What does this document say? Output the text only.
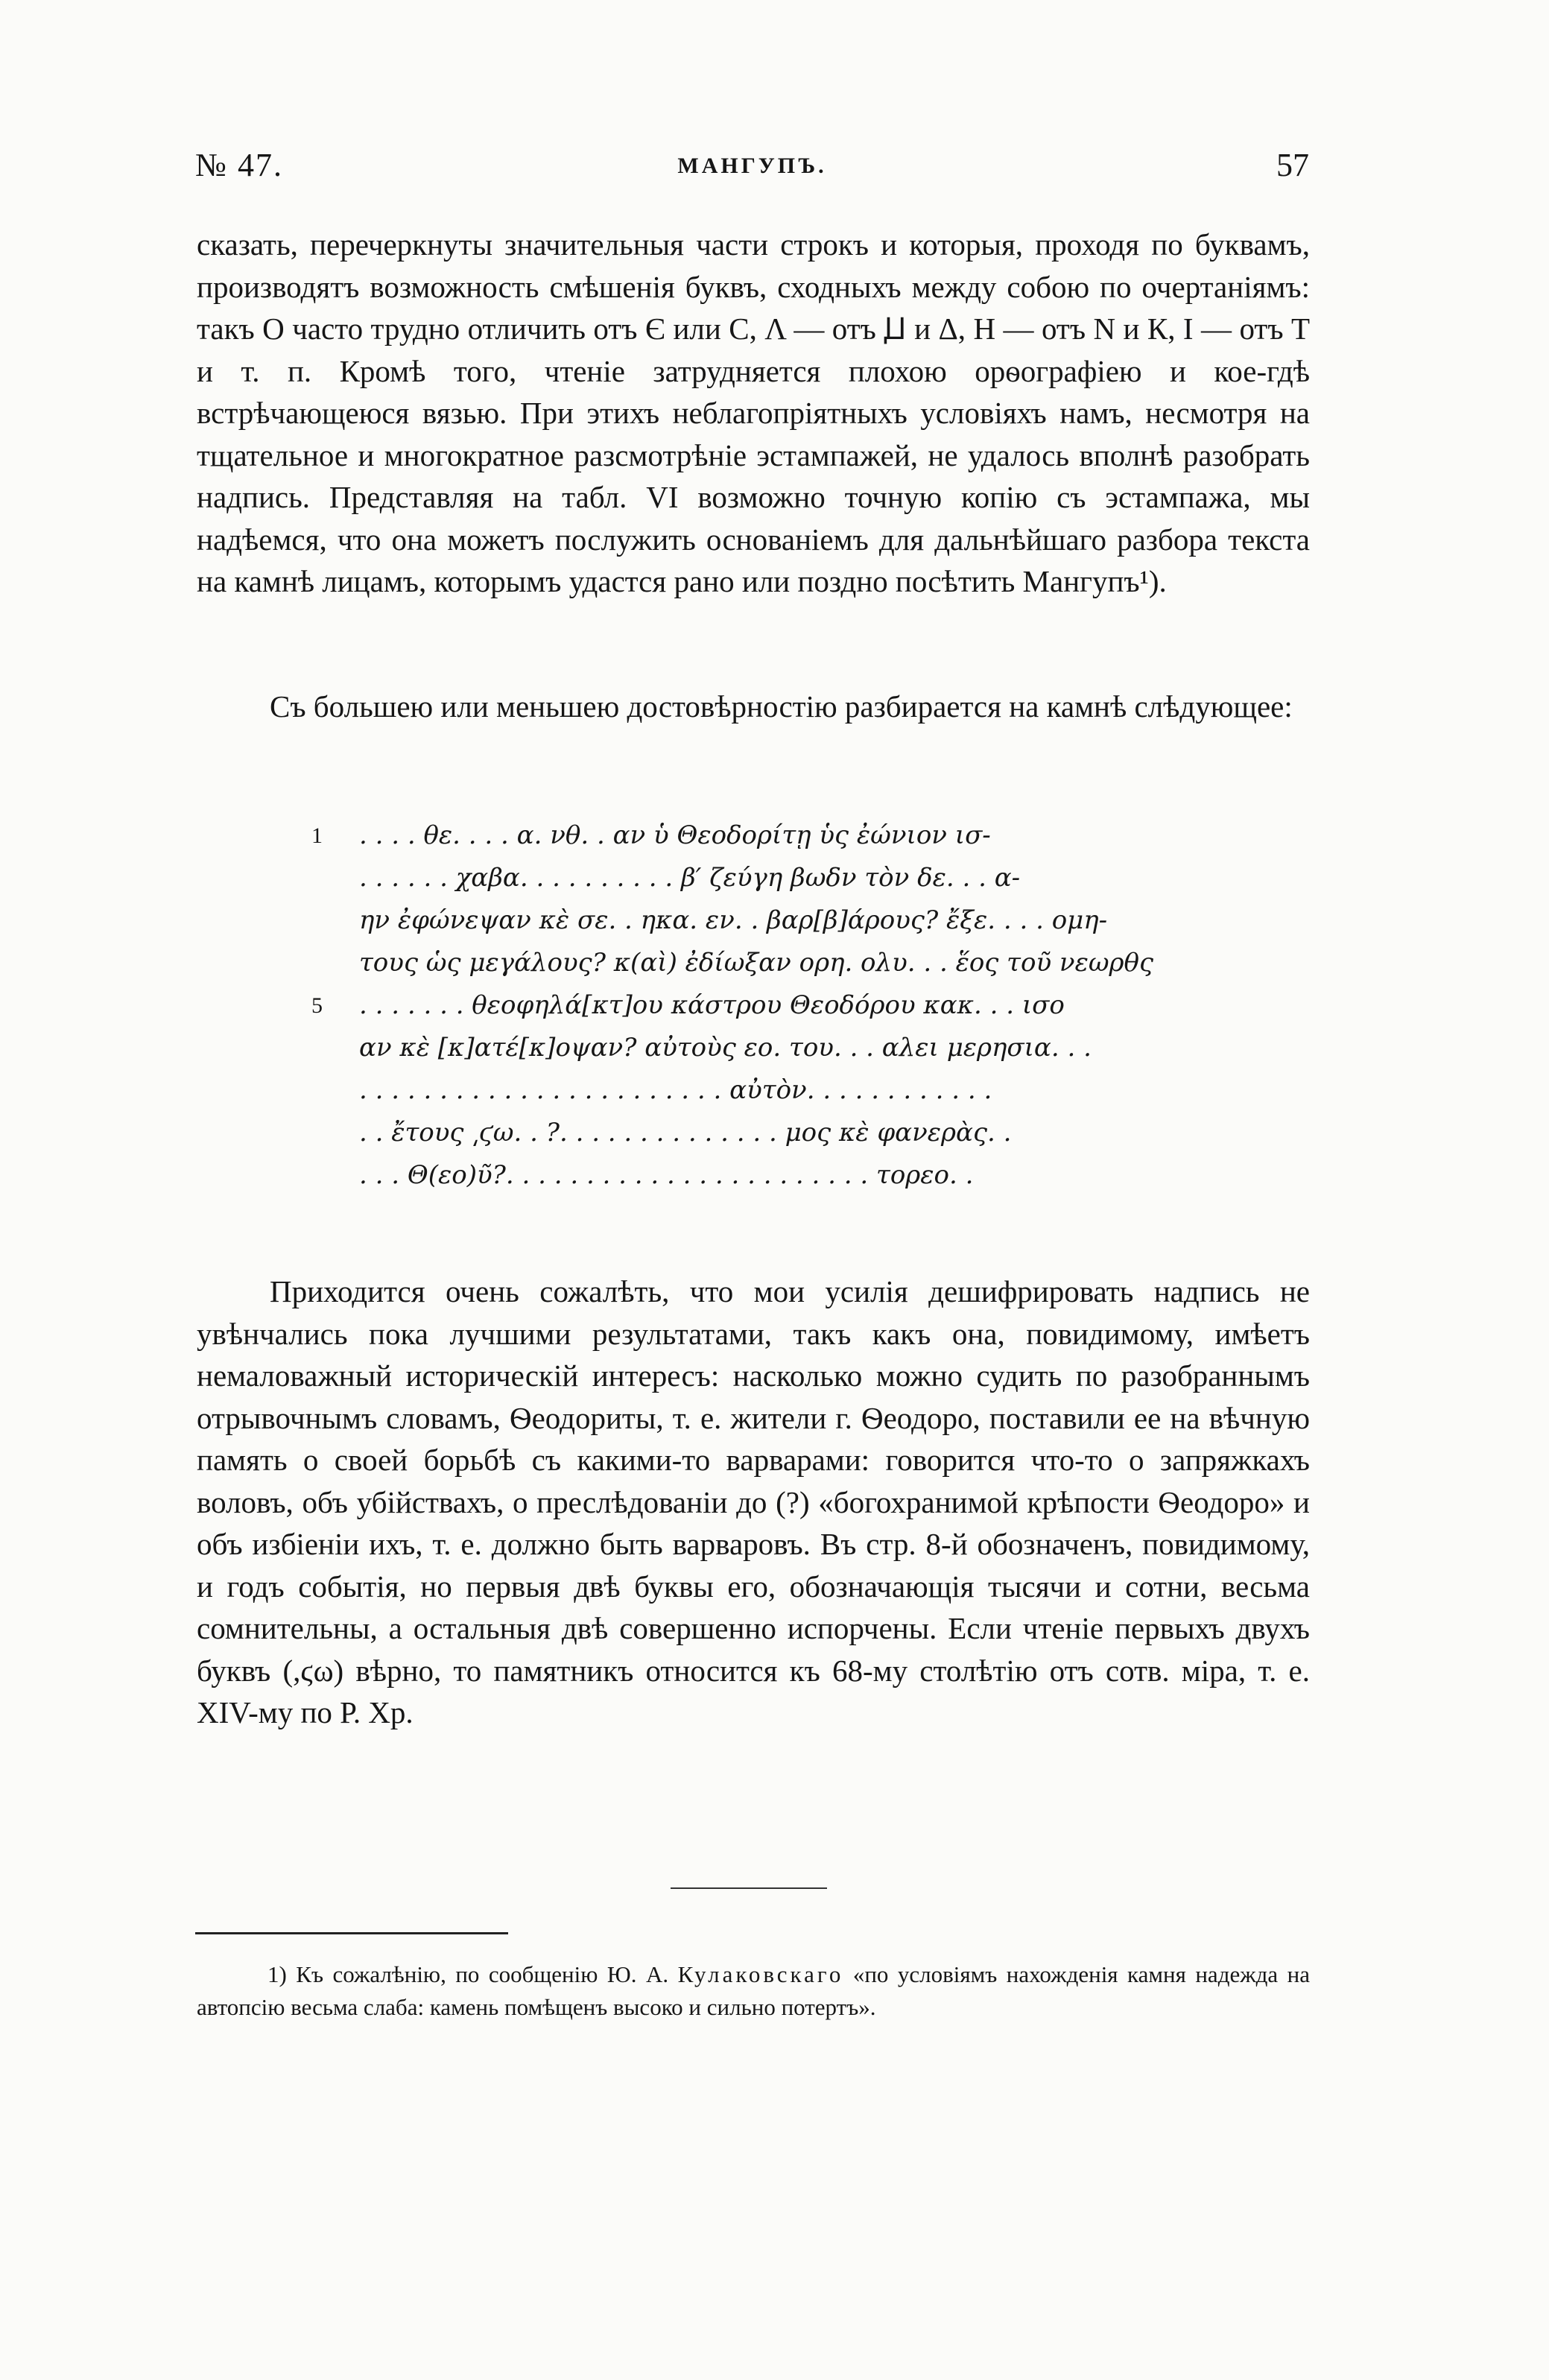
№ 47.	МАНГУПЪ.	57

сказать, перечеркнуты значительныя части строкъ и которыя, проходя по буквамъ, производятъ возможность смѣшенія буквъ, сходныхъ между собою по очертаніямъ: такъ О часто трудно отличить отъ Є или С, Λ — отъ Ꙡ и Δ, Н — отъ N и К, І — отъ Т и т. п. Кромѣ того, чтеніе затрудняется плохою орѳографіею и кое-гдѣ встрѣчающеюся вязью. При этихъ неблагопріятныхъ условіяхъ намъ, несмотря на тщательное и многократное разсмотрѣніе эстампажей, не удалось вполнѣ разобрать надпись. Представляя на табл. VI возможно точную копію съ эстампажа, мы надѣемся, что она можетъ послужить основаніемъ для дальнѣйшаго разбора текста на камнѣ лицамъ, которымъ удастся рано или поздно посѣтить Мангупъ¹).

Съ большею или меньшею достовѣрностію разбирается на камнѣ слѣдующее:

1 . . . . θε. . . . α. νθ. . αν ὑ Θεοδορίτῃ ὑς ἐώνιον ισ-
. . . . . . χαβα. . . . . . . . . . β′ ζεύγη βωδν τὸν δε. . . α-
ην ἐφώνεψαν κὲ σε. . ηκα. εν. . βαρ[β]άρους? ἔξε. . . . ομη-
τους ὡς μεγάλους? κ(αὶ) ἐδίωξαν ορη. ολυ. . . ἕος τοῦ νεωρθς
5 . . . . . . . θεοφηλά[κτ]ου κάστρου Θεοδόρου κακ. . . ισο
αν κὲ [κ]ατέ[κ]οψαν? αὐτοὺς εο. του. . . αλει μερησια. . .
. . . . . . . . . . . . . . . . . . . . . . . αὐτὸν. . . . . . . . . . . .
. . ἔτους ͵ϛω. . ?. . . . . . . . . . . . . . μος κὲ φανερὰς. .
. . . Θ(εο)ῦ?. . . . . . . . . . . . . . . . . . . . . . . τορεο. .

Приходится очень сожалѣть, что мои усилія дешифрировать надпись не увѣнчались пока лучшими результатами, такъ какъ она, повидимому, имѣетъ немаловажный историческій интересъ: насколько можно судить по разобраннымъ отрывочнымъ словамъ, Ѳеодориты, т. е. жители г. Ѳеодоро, поставили ее на вѣчную память о своей борьбѣ съ какими-то варварами: говорится что-то о запряжкахъ воловъ, объ убійствахъ, о преслѣдованіи до (?) «богохранимой крѣпости Ѳеодоро» и объ избіеніи ихъ, т. е. должно быть варваровъ. Въ стр. 8-й обозначенъ, повидимому, и годъ событія, но первыя двѣ буквы его, обозначающія тысячи и сотни, весьма сомнительны, а остальныя двѣ совершенно испорчены. Если чтеніе первыхъ двухъ буквъ (,ϛω) вѣрно, то памятникъ относится къ 68-му столѣтію отъ сотв. міра, т. е. XIV-му по Р. Хр.

1) Къ сожалѣнію, по сообщенію Ю. А. Кулаковскаго «по условіямъ нахожденія камня надежда на автопсію весьма слаба: камень помѣщенъ высоко и сильно потертъ».
